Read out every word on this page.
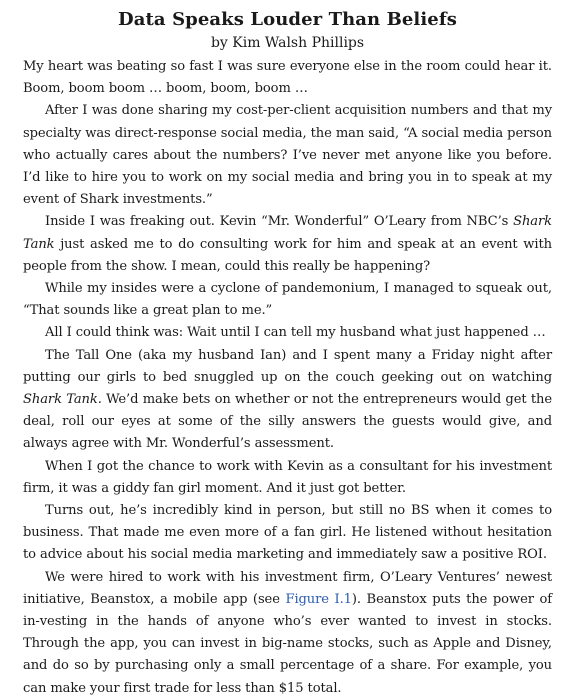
Data Speaks Louder Than Beliefs
by Kim Walsh Phillips

My heart was beating so fast I was sure everyone else in the room could hear it. Boom, boom boom … boom, boom, boom …

After I was done sharing my cost-per-client acquisition numbers and that my specialty was direct-response social media, the man said, “A social media person who actually cares about the numbers? I’ve never met anyone like you before. I’d like to hire you to work on my social media and bring you in to speak at my event of Shark investments.”

Inside I was freaking out. Kevin “Mr. Wonderful” O’Leary from NBC’s Shark Tank just asked me to do consulting work for him and speak at an event with people from the show. I mean, could this really be happening?

While my insides were a cyclone of pandemonium, I managed to squeak out, “That sounds like a great plan to me.”

All I could think was: Wait until I can tell my husband what just happened …

The Tall One (aka my husband Ian) and I spent many a Friday night after putting our girls to bed snuggled up on the couch geeking out on watching Shark Tank. We’d make bets on whether or not the entrepreneurs would get the deal, roll our eyes at some of the silly answers the guests would give, and always agree with Mr. Wonderful’s assessment.

When I got the chance to work with Kevin as a consultant for his investment firm, it was a giddy fan girl moment. And it just got better.

Turns out, he’s incredibly kind in person, but still no BS when it comes to business. That made me even more of a fan girl. He listened without hesitation to advice about his social media marketing and immediately saw a positive ROI.

We were hired to work with his investment firm, O’Leary Ventures’ newest initiative, Beanstox, a mobile app (see Figure I.1). Beanstox puts the power of in-vesting in the hands of anyone who’s ever wanted to invest in stocks. Through the app, you can invest in big-name stocks, such as Apple and Disney, and do so by purchasing only a small percentage of a share. For example, you can make your first trade for less than $15 total.
